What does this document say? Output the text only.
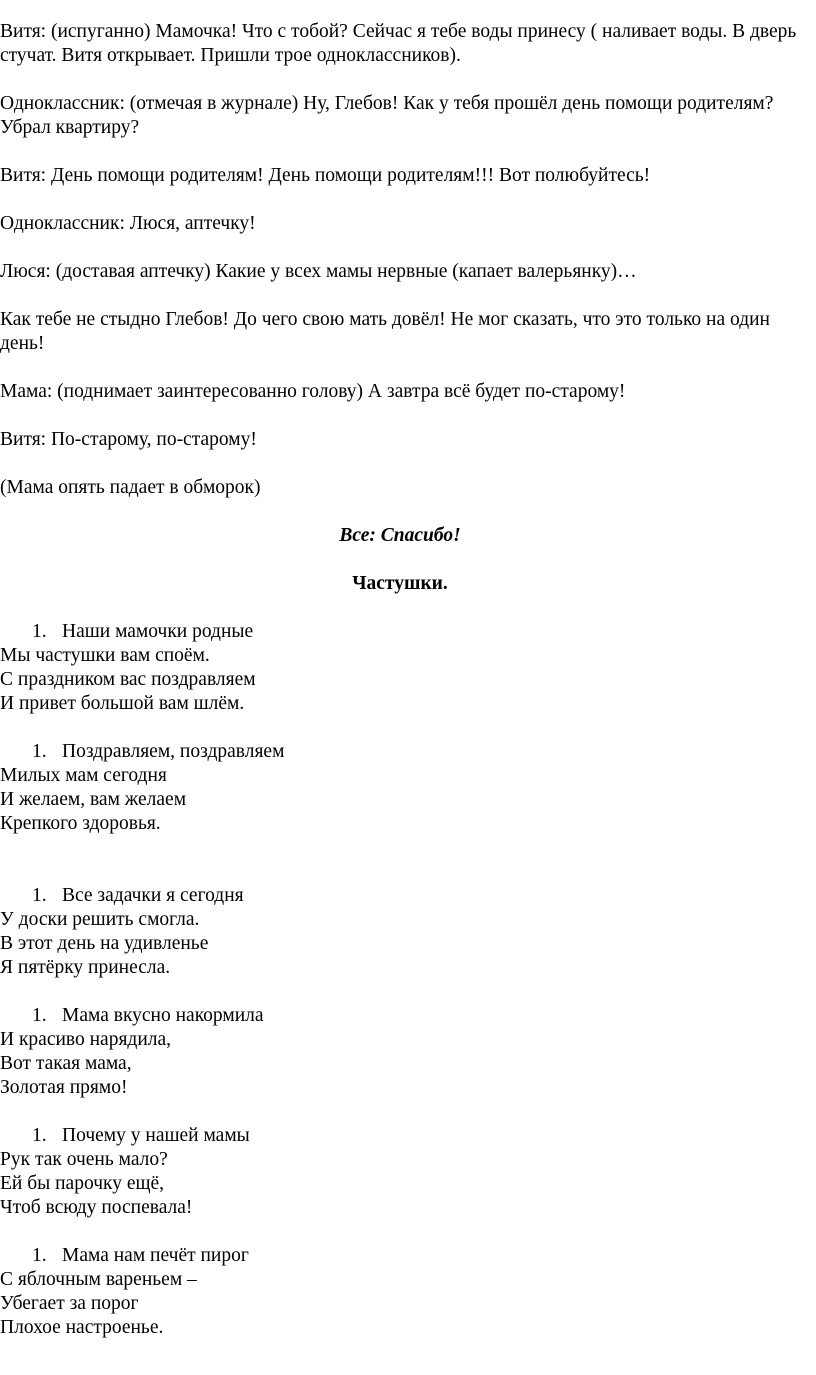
Витя: (испуганно) Мамочка! Что с тобой? Сейчас я тебе воды принесу ( наливает воды. В дверь стучат. Витя открывает. Пришли трое одноклассников).

Одноклассник: (отмечая в журнале) Ну, Глебов! Как у тебя прошёл день помощи родителям? Убрал квартиру?

Витя: День помощи родителям! День помощи родителям!!! Вот полюбуйтесь!

Одноклассник: Люся, аптечку!

Люся: (доставая аптечку) Какие у всех мамы нервные (капает валерьянку)…

Как тебе не стыдно Глебов! До чего свою мать довёл! Не мог сказать, что это только на один день!

Мама: (поднимает заинтересованно голову) А завтра всё будет по-старому!

Витя: По-старому, по-старому!

(Мама опять падает в обморок)

Все: Спасибо!

Частушки.

1. Наши мамочки родные
Мы частушки вам споём.
С праздником вас поздравляем
И привет большой вам шлём.
1. Поздравляем, поздравляем
Милых мам сегодня
И желаем, вам желаем
Крепкого здоровья.
1. Все задачки я сегодня
У доски решить смогла.
В этот день на удивленье
Я пятёрку принесла.
1. Мама вкусно накормила
И красиво нарядила,
Вот такая мама,
Золотая прямо!
1. Почему у нашей мамы
Рук так очень мало?
Ей бы парочку ещё,
Чтоб всюду поспевала!
1. Мама нам печёт пирог
С яблочным вареньем –
Убегает за порог
Плохое настроенье.
